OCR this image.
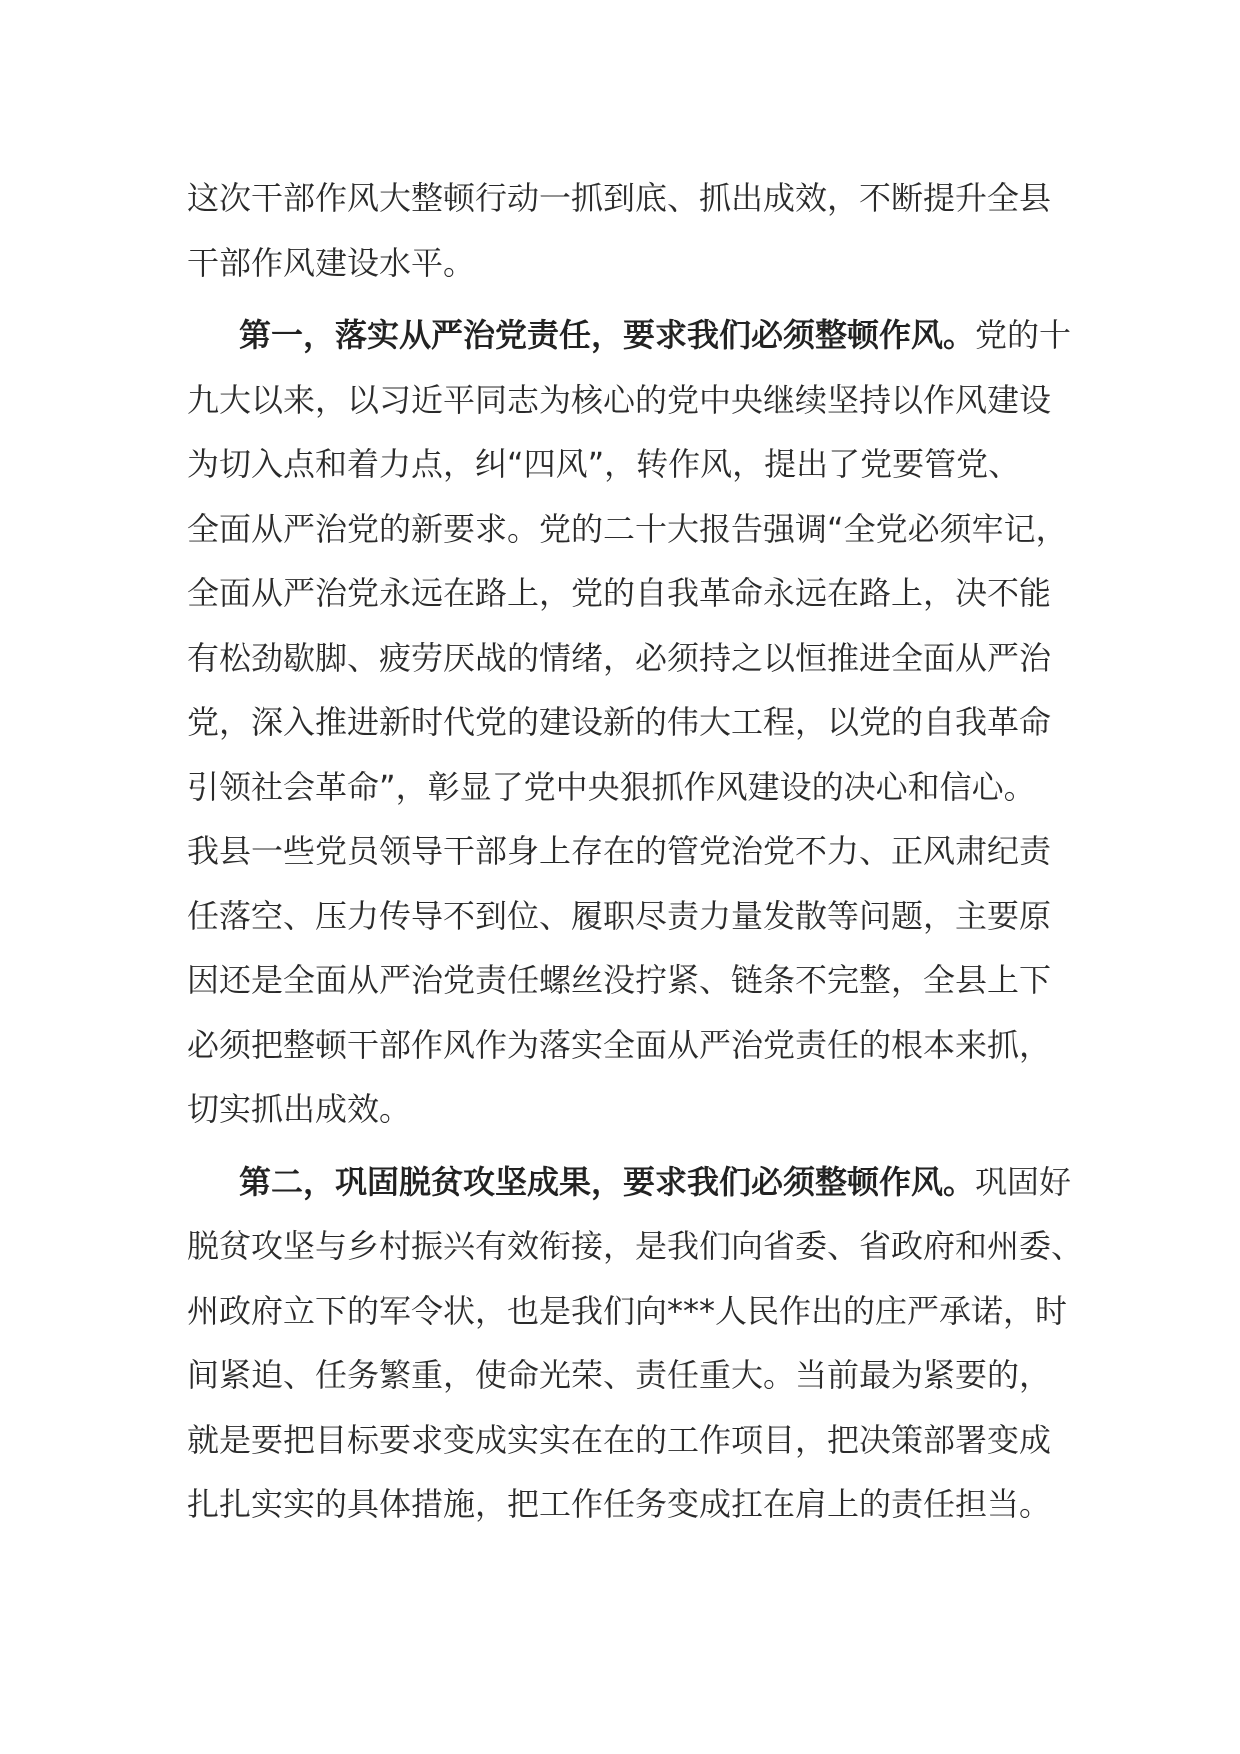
这次干部作风大整顿行动一抓到底、抓出成效，不断提升全县
干部作风建设水平。
第一，落实从严治党责任，要求我们必须整顿作风。党的十
九大以来，以习近平同志为核心的党中央继续坚持以作风建设
为切入点和着力点，纠“四风”，转作风，提出了党要管党、
全面从严治党的新要求。党的二十大报告强调“全党必须牢记，
全面从严治党永远在路上，党的自我革命永远在路上，决不能
有松劲歇脚、疲劳厌战的情绪，必须持之以恒推进全面从严治
党，深入推进新时代党的建设新的伟大工程，以党的自我革命
引领社会革命”，彰显了党中央狠抓作风建设的决心和信心。
我县一些党员领导干部身上存在的管党治党不力、正风肃纪责
任落空、压力传导不到位、履职尽责力量发散等问题，主要原
因还是全面从严治党责任螺丝没拧紧、链条不完整，全县上下
必须把整顿干部作风作为落实全面从严治党责任的根本来抓，
切实抓出成效。
第二，巩固脱贫攻坚成果，要求我们必须整顿作风。巩固好
脱贫攻坚与乡村振兴有效衔接，是我们向省委、省政府和州委、
州政府立下的军令状，也是我们向***人民作出的庄严承诺，时
间紧迫、任务繁重，使命光荣、责任重大。当前最为紧要的，
就是要把目标要求变成实实在在的工作项目，把决策部署变成
扎扎实实的具体措施，把工作任务变成扛在肩上的责任担当。
